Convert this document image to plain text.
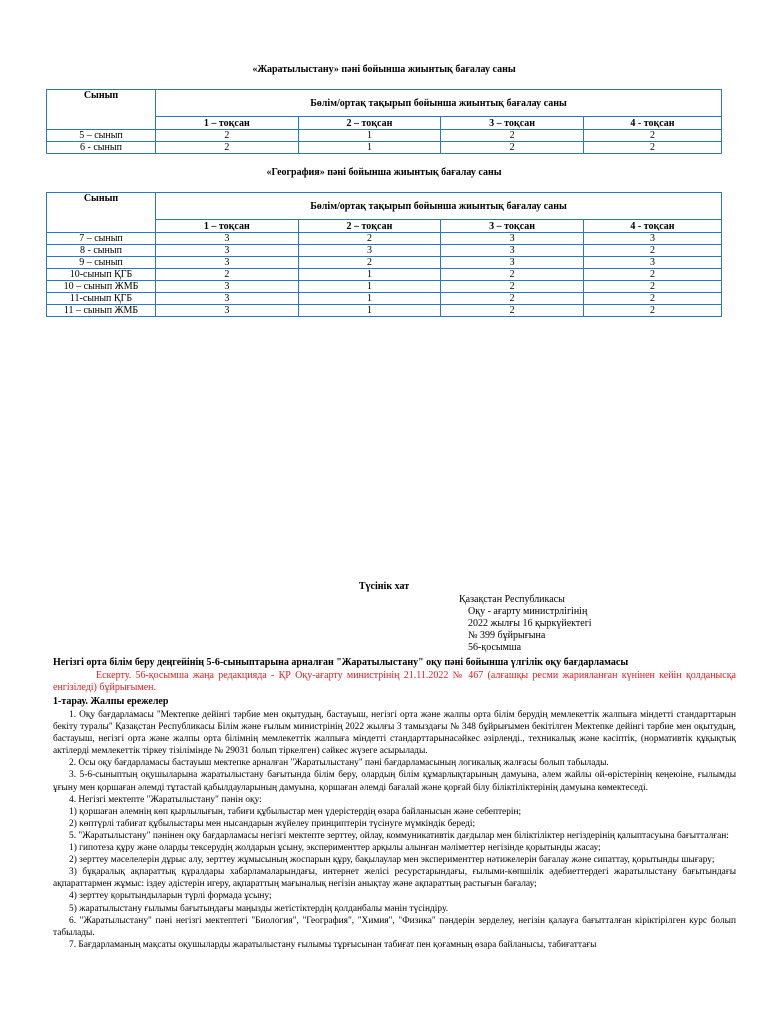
«Жаратылыстану» пәні бойынша жиынтық бағалау саны
Сынып	Бөлім/ортақ тақырып бойынша жиынтық бағалау саны			
	1 – тоқсан	2 – тоқсан	3 – тоқсан	4 - тоқсан
5 – сынып	2	1	2	2
6 - сынып	2	1	2	2
«География» пәні бойынша жиынтық бағалау саны
Сынып	Бөлім/ортақ тақырып бойынша жиынтық бағалау саны			
	1 – тоқсан	2 – тоқсан	3 – тоқсан	4 - тоқсан
7 – сынып	3	2	3	3
8 - сынып	3	3	3	2
9 – сынып	3	2	3	3
10-сынып ҚГБ	2	1	2	2
10 – сынып ЖМБ	3	1	2	2
11-сынып ҚГБ	3	1	2	2
11 – сынып ЖМБ	3	1	2	2
Түсінік хат
Қазақстан Республикасы
Оқу - ағарту министрлігінің
2022 жылғы 16 қыркүйектегі
№ 399 бұйрығына
56-қосымша
Негізгі орта білім беру деңгейінің 5-6-сыныптарына арналған "Жаратылыстану" оқу пәні бойынша үлгілік оқу бағдарламасы
Ескерту. 56-қосымша жаңа редакцияда - ҚР Оқу-ағарту министрінің 21.11.2022 № 467 (алғашқы ресми жарияланған күнінен кейін қолданысқа енгізіледі) бұйрығымен.
1-тарау. Жалпы ережелер

1. Оқу бағдарламасы "Мектепке дейінгі тәрбие мен оқытудың, бастауыш, негізгі орта және жалпы орта білім берудің мемлекеттік жалпыға міндетті стандарттарын бекіту туралы" Қазақстан Республикасы Білім және ғылым министрінің 2022 жылғы 3 тамыздағы № 348 бұйрығымен бекітілген Мектепке дейінгі тәрбие мен оқытудың, бастауыш, негізгі орта және жалпы орта білімнің мемлекеттік жалпыға міндетті стандарттарынасәйкес әзірленді., техникалық және кәсіптік, (нормативтік құқықтық актілерді мемлекеттік тіркеу тізілімінде № 29031 болып тіркелген) сәйкес жүзеге асырылады.

2. Осы оқу бағдарламасы бастауыш мектепке арналған "Жаратылыстану" пәні бағдарламасының логикалық жалғасы болып табылады.

3. 5-6-сыныптың оқушыларына жаратылыстану бағытында білім беру, олардың білім құмарлықтарының дамуына, әлем жайлы ой-өрістерінің кеңеюіне, ғылымды ұғыну мен қоршаған әлемді тұтастай қабылдауларының дамуына, қоршаған әлемді бағалай және қорғай білу біліктіліктерінің дамуына көмектеседі.

4. Негізгі мектепте "Жаратылыстану" пәнін оқу:

1) қоршаған әлемнің көп қырлылығын, табиғи құбылыстар мен үдерістердің өзара байланысын және себептерін;

2) көптүрлі табиғат құбылыстары мен нысандарын жүйелеу принциптерін түсінуге мүмкіндік береді;

5. "Жаратылыстану" пәнінен оқу бағдарламасы негізгі мектепте зерттеу, ойлау, коммуникативтік дағдылар мен біліктіліктер негіздерінің қалыптасуына бағытталған:

1) гипотеза құру және оларды тексерудің жолдарын ұсыну, эксперименттер арқылы алынған мәліметтер негізінде қорытынды жасау;

2) зерттеу мәселелерін дұрыс алу, зерттеу жұмысының жоспарын құру, бақылаулар мен эксперименттер нәтижелерін бағалау және сипаттау, қорытынды шығару;

3) бұқаралық ақпараттық құралдары хабарламаларындағы, интернет желісі ресурстарындағы, ғылыми-көпшілік әдебиеттердегі жаратылыстану бағытындағы ақпараттармен жұмыс: іздеу әдістерін игеру, ақпараттың мағыналық негізін анықтау және ақпараттың растығын бағалау;

4) зерттеу қорытындыларын түрлі формада ұсыну;

5) жаратылыстану ғылымы бағытындағы маңызды жетістіктердің қолданбалы мәнін түсіндіру.

6. "Жаратылыстану" пәні негізгі мектептегі "Биология", "География", "Химия", "Физика" пәндерін зерделеу, негізін қалауға бағытталған кіріктірілген курс болып табылады.

7. Бағдарламаның мақсаты оқушыларды жаратылыстану ғылымы тұрғысынан табиғат пен қоғамның өзара байланысы, табиғаттағы
